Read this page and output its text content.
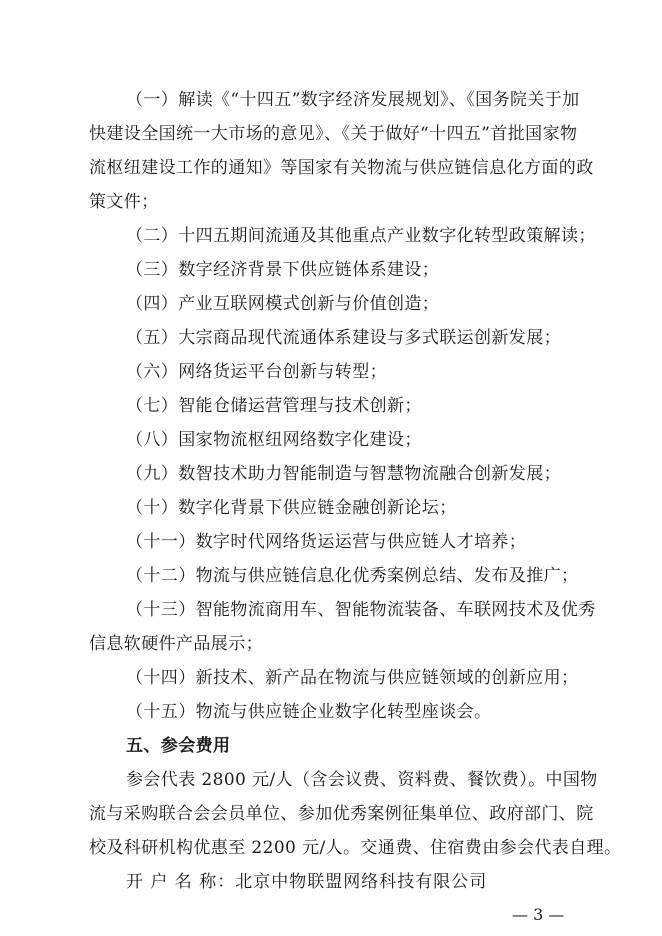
（一）解读《“十四五”数字经济发展规划》、《国务院关于加
快建设全国统一大市场的意见》、《关于做好“十四五”首批国家物
流枢纽建设工作的通知》等国家有关物流与供应链信息化方面的政
策文件；
（二）十四五期间流通及其他重点产业数字化转型政策解读；
（三）数字经济背景下供应链体系建设；
（四）产业互联网模式创新与价值创造；
（五）大宗商品现代流通体系建设与多式联运创新发展；
（六）网络货运平台创新与转型；
（七）智能仓储运营管理与技术创新；
（八）国家物流枢纽网络数字化建设；
（九）数智技术助力智能制造与智慧物流融合创新发展；
（十）数字化背景下供应链金融创新论坛；
（十一）数字时代网络货运运营与供应链人才培养；
（十二）物流与供应链信息化优秀案例总结、发布及推广；
（十三）智能物流商用车、智能物流装备、车联网技术及优秀
信息软硬件产品展示；
（十四）新技术、新产品在物流与供应链领域的创新应用；
（十五）物流与供应链企业数字化转型座谈会。
五、参会费用
参会代表 2800 元/人（含会议费、资料费、餐饮费）。中国物
流与采购联合会会员单位、参加优秀案例征集单位、政府部门、院
校及科研机构优惠至 2200 元/人。交通费、住宿费由参会代表自理。
开 户 名 称：北京中物联盟网络科技有限公司
— 3 —
